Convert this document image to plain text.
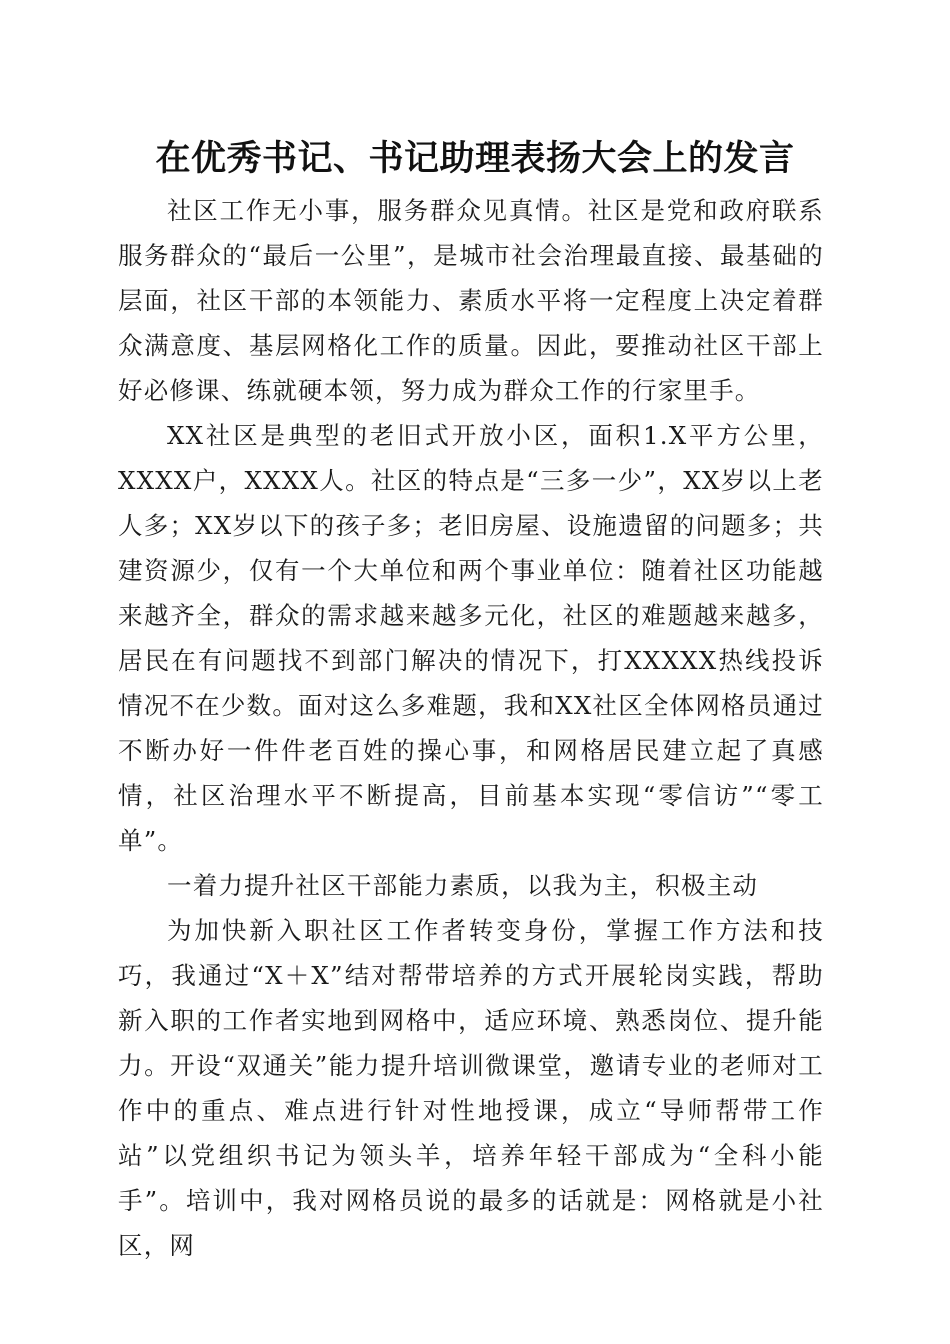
在优秀书记、书记助理表扬大会上的发言

社区工作无小事，服务群众见真情。社区是党和政府联系服务群众的“最后一公里”，是城市社会治理最直接、最基础的层面，社区干部的本领能力、素质水平将一定程度上决定着群众满意度、基层网格化工作的质量。因此，要推动社区干部上好必修课、练就硬本领，努力成为群众工作的行家里手。

XX社区是典型的老旧式开放小区，面积1.X平方公里，XXXX户，XXXX人。社区的特点是“三多一少”，XX岁以上老人多；XX岁以下的孩子多；老旧房屋、设施遗留的问题多；共建资源少，仅有一个大单位和两个事业单位：随着社区功能越来越齐全，群众的需求越来越多元化，社区的难题越来越多，居民在有问题找不到部门解决的情况下，打XXXXX热线投诉情况不在少数。面对这么多难题，我和XX社区全体网格员通过不断办好一件件老百姓的操心事，和网格居民建立起了真感情，社区治理水平不断提高，目前基本实现“零信访”“零工单”。

一着力提升社区干部能力素质，以我为主，积极主动

为加快新入职社区工作者转变身份，掌握工作方法和技巧，我通过“X＋X”结对帮带培养的方式开展轮岗实践，帮助新入职的工作者实地到网格中，适应环境、熟悉岗位、提升能力。开设“双通关”能力提升培训微课堂，邀请专业的老师对工作中的重点、难点进行针对性地授课，成立“导师帮带工作站”以党组织书记为领头羊，培养年轻干部成为“全科小能手”。培训中，我对网格员说的最多的话就是：网格就是小社区，网
